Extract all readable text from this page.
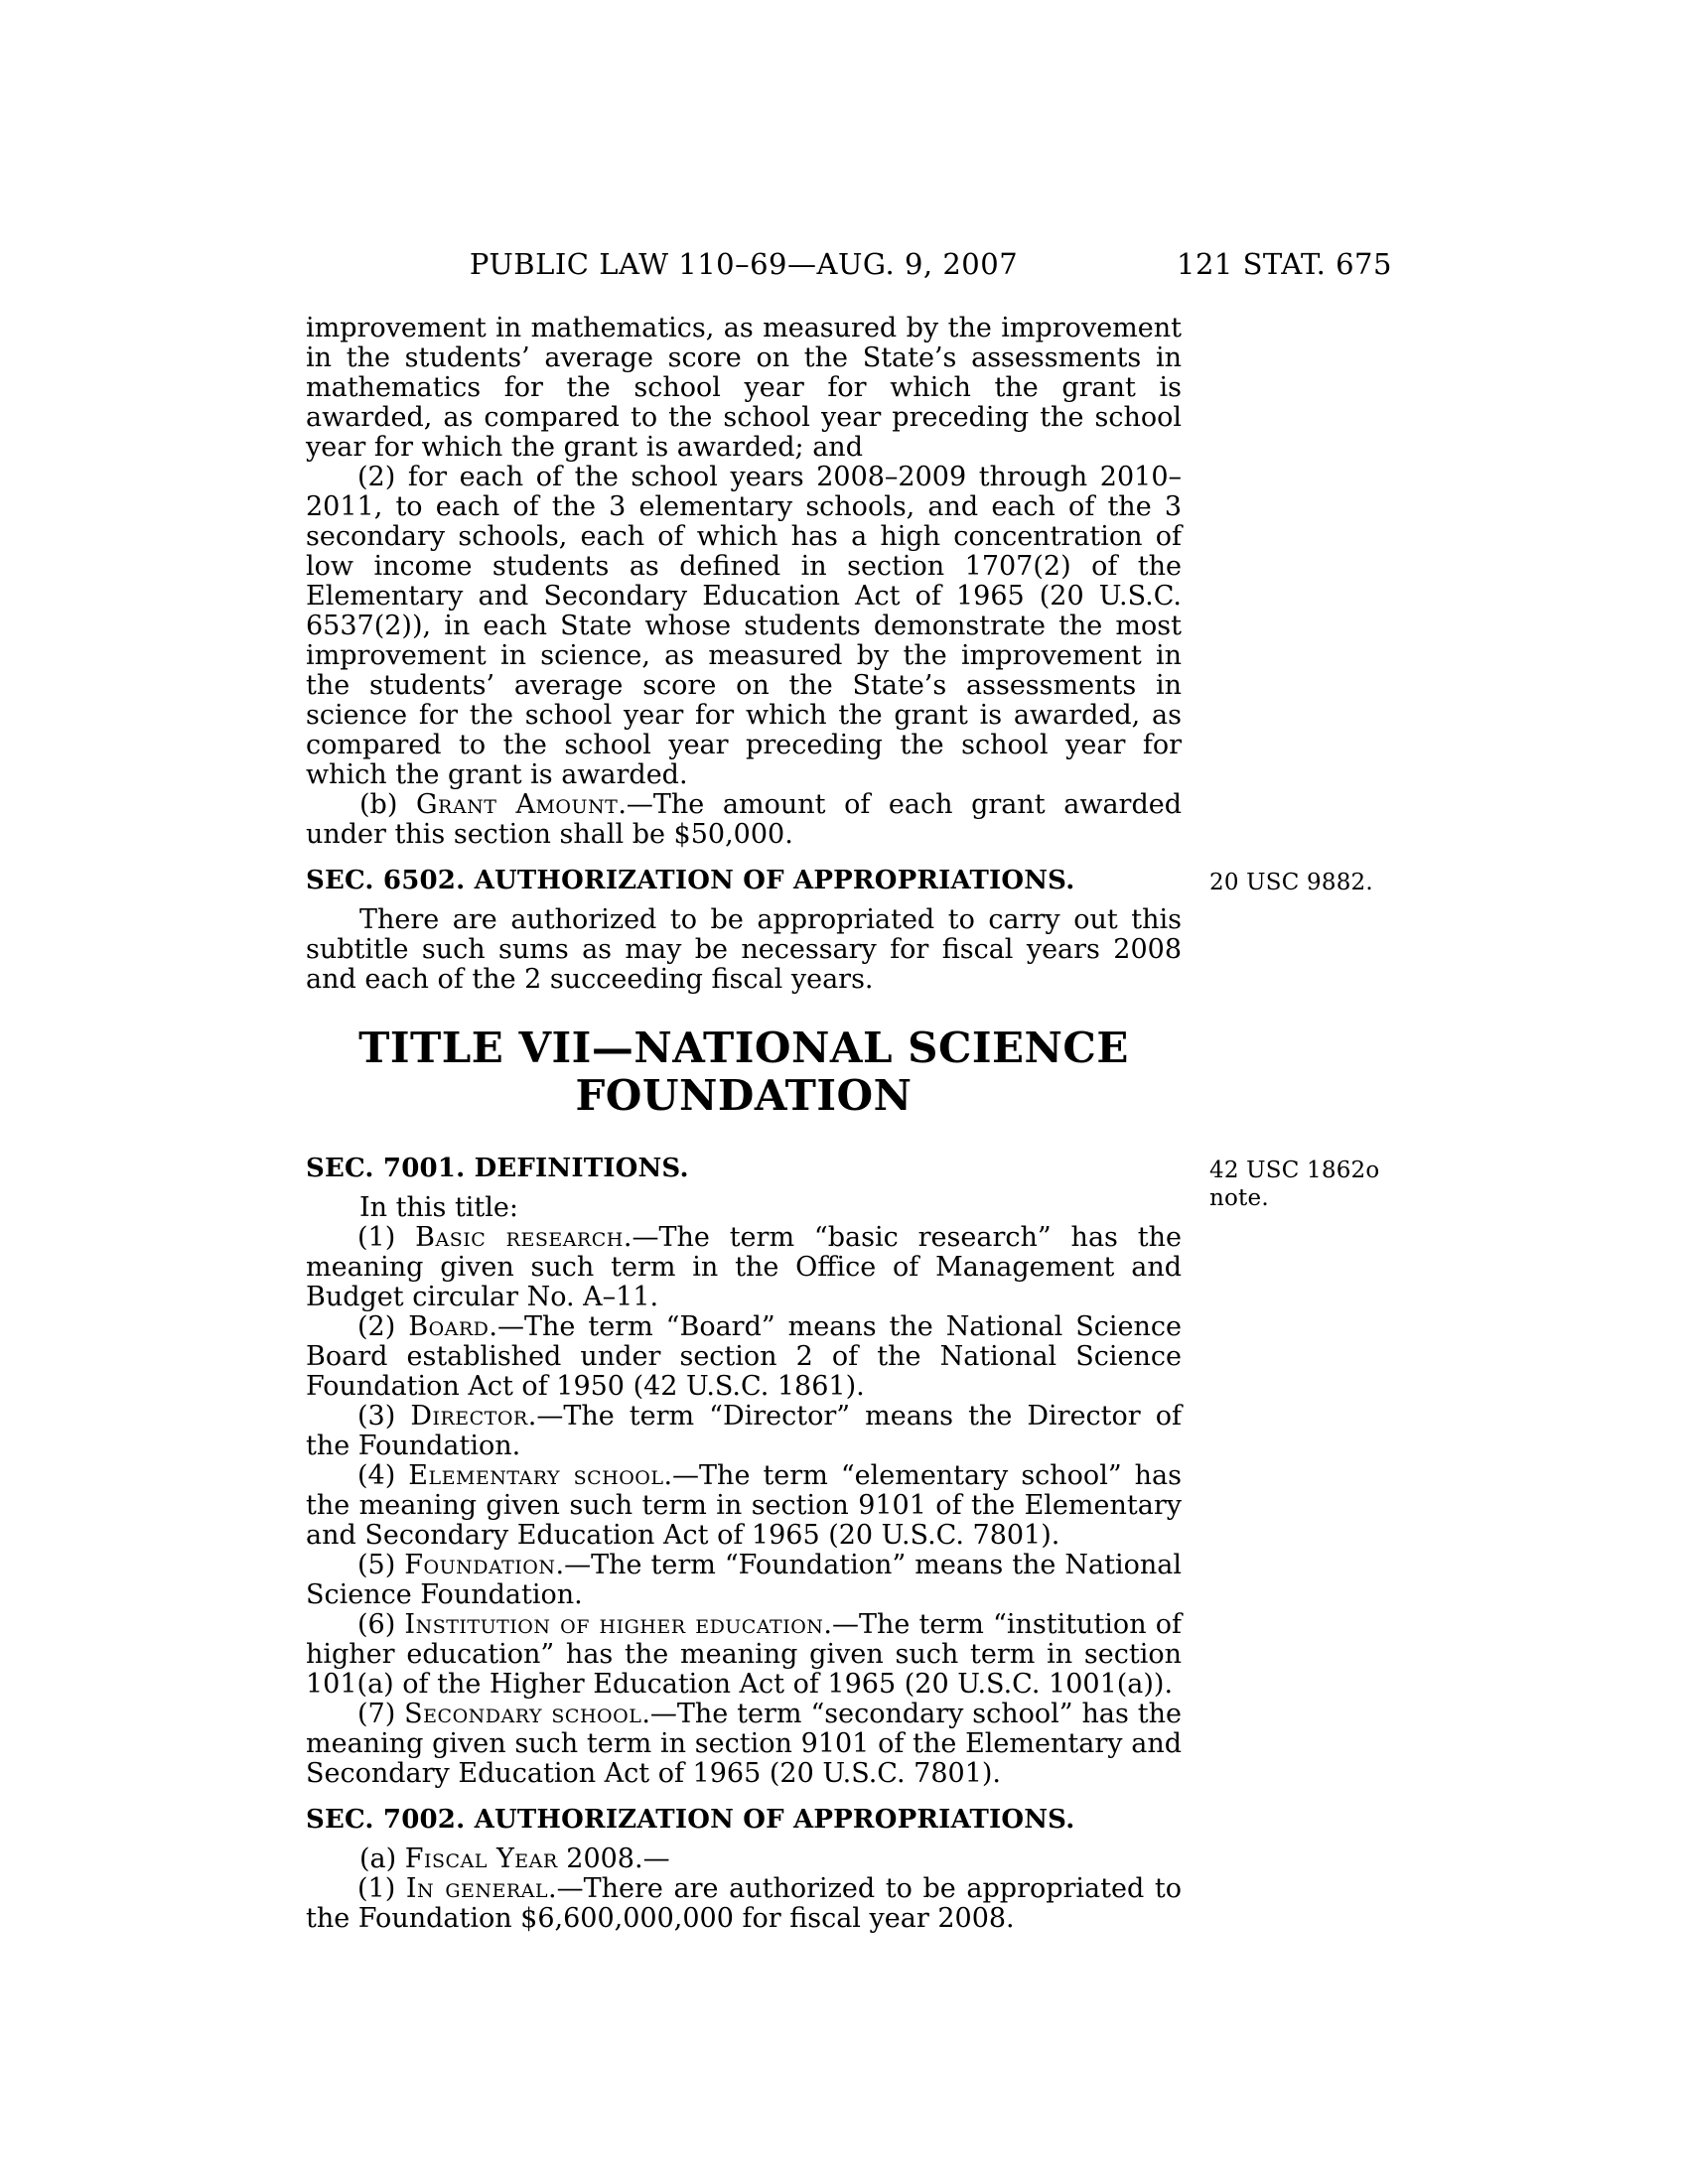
PUBLIC LAW 110–69—AUG. 9, 2007	121 STAT. 675

improvement in mathematics, as measured by the improvement in the students’ average score on the State’s assessments in mathematics for the school year for which the grant is awarded, as compared to the school year preceding the school year for which the grant is awarded; and

(2) for each of the school years 2008–2009 through 2010–2011, to each of the 3 elementary schools, and each of the 3 secondary schools, each of which has a high concentration of low income students as defined in section 1707(2) of the Elementary and Secondary Education Act of 1965 (20 U.S.C. 6537(2)), in each State whose students demonstrate the most improvement in science, as measured by the improvement in the students’ average score on the State’s assessments in science for the school year for which the grant is awarded, as compared to the school year preceding the school year for which the grant is awarded.

(b) Grant Amount.—The amount of each grant awarded under this section shall be $50,000.

SEC. 6502. AUTHORIZATION OF APPROPRIATIONS.	20 USC 9882.

There are authorized to be appropriated to carry out this subtitle such sums as may be necessary for fiscal years 2008 and each of the 2 succeeding fiscal years.

TITLE VII—NATIONAL SCIENCE
FOUNDATION
SEC. 7001. DEFINITIONS.	42 USC 1862o note.

In this title:

(1) Basic research.—The term “basic research” has the meaning given such term in the Office of Management and Budget circular No. A–11.

(2) Board.—The term “Board” means the National Science Board established under section 2 of the National Science Foundation Act of 1950 (42 U.S.C. 1861).

(3) Director.—The term “Director” means the Director of the Foundation.

(4) Elementary school.—The term “elementary school” has the meaning given such term in section 9101 of the Elementary and Secondary Education Act of 1965 (20 U.S.C. 7801).

(5) Foundation.—The term “Foundation” means the National Science Foundation.

(6) Institution of higher education.—The term “institution of higher education” has the meaning given such term in section 101(a) of the Higher Education Act of 1965 (20 U.S.C. 1001(a)).

(7) Secondary school.—The term “secondary school” has the meaning given such term in section 9101 of the Elementary and Secondary Education Act of 1965 (20 U.S.C. 7801).

SEC. 7002. AUTHORIZATION OF APPROPRIATIONS.

(a) Fiscal Year 2008.—

(1) In general.—There are authorized to be appropriated to the Foundation $6,600,000,000 for fiscal year 2008.
